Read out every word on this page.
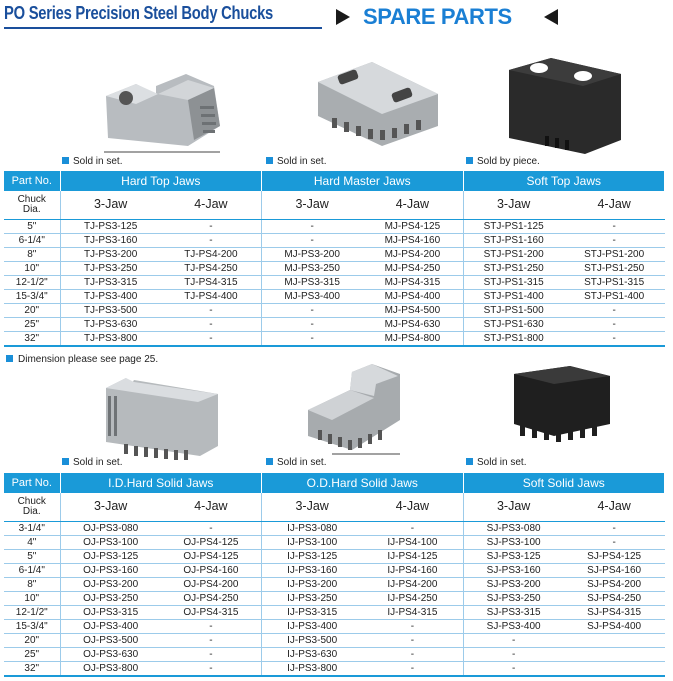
PO Series Precision Steel Body Chucks	SPARE PARTS
Sold in set.	Sold in set.	Sold by piece.
Part No.	Hard Top Jaws		Hard Master Jaws		Soft Top Jaws	
Chuck
Dia.	3-Jaw	4-Jaw	3-Jaw	4-Jaw	3-Jaw	4-Jaw
5"	TJ-PS3-125	-	-	MJ-PS4-125	STJ-PS1-125	-
6-1/4"	TJ-PS3-160	-	-	MJ-PS4-160	STJ-PS1-160	-
8"	TJ-PS3-200	TJ-PS4-200	MJ-PS3-200	MJ-PS4-200	STJ-PS1-200	STJ-PS1-200
10"	TJ-PS3-250	TJ-PS4-250	MJ-PS3-250	MJ-PS4-250	STJ-PS1-250	STJ-PS1-250
12-1/2"	TJ-PS3-315	TJ-PS4-315	MJ-PS3-315	MJ-PS4-315	STJ-PS1-315	STJ-PS1-315
15-3/4"	TJ-PS3-400	TJ-PS4-400	MJ-PS3-400	MJ-PS4-400	STJ-PS1-400	STJ-PS1-400
20"	TJ-PS3-500	-	-	MJ-PS4-500	STJ-PS1-500	-
25"	TJ-PS3-630	-	-	MJ-PS4-630	STJ-PS1-630	-
32"	TJ-PS3-800	-	-	MJ-PS4-800	STJ-PS1-800	-
Dimension please see page 25.
Sold in set.	Sold in set.	Sold in set.
Part No.	I.D.Hard Solid Jaws		O.D.Hard Solid Jaws		Soft Solid Jaws	
Chuck
Dia.	3-Jaw	4-Jaw	3-Jaw	4-Jaw	3-Jaw	4-Jaw
3-1/4"	OJ-PS3-080	-	IJ-PS3-080	-	SJ-PS3-080	-
4"	OJ-PS3-100	OJ-PS4-125	IJ-PS3-100	IJ-PS4-100	SJ-PS3-100	-
5"	OJ-PS3-125	OJ-PS4-125	IJ-PS3-125	IJ-PS4-125	SJ-PS3-125	SJ-PS4-125
6-1/4"	OJ-PS3-160	OJ-PS4-160	IJ-PS3-160	IJ-PS4-160	SJ-PS3-160	SJ-PS4-160
8"	OJ-PS3-200	OJ-PS4-200	IJ-PS3-200	IJ-PS4-200	SJ-PS3-200	SJ-PS4-200
10"	OJ-PS3-250	OJ-PS4-250	IJ-PS3-250	IJ-PS4-250	SJ-PS3-250	SJ-PS4-250
12-1/2"	OJ-PS3-315	OJ-PS4-315	IJ-PS3-315	IJ-PS4-315	SJ-PS3-315	SJ-PS4-315
15-3/4"	OJ-PS3-400	-	IJ-PS3-400	-	SJ-PS3-400	SJ-PS4-400
20"	OJ-PS3-500	-	IJ-PS3-500	-	-	
25"	OJ-PS3-630	-	IJ-PS3-630	-	-	
32"	OJ-PS3-800	-	IJ-PS3-800	-	-	
